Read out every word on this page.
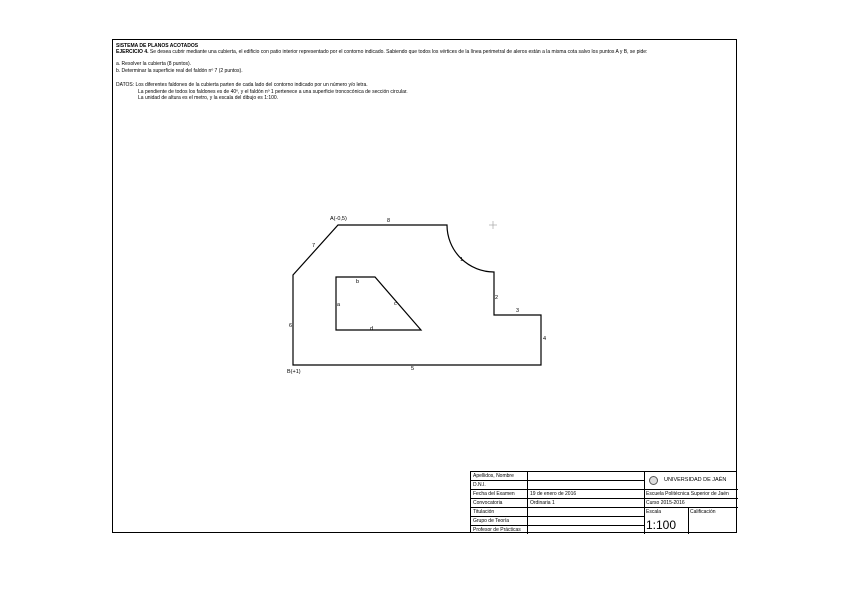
SISTEMA DE PLANOS ACOTADOS
EJERCICIO 4. Se desea cubrir mediante una cubierta, el edificio con patio interior representado por el contorno indicado. Sabiendo que todos los vértices de la línea perimetral de aleros están a la misma cota salvo los puntos A y B, se pide:
a. Resolver la cubierta (8 puntos).
b. Determinar la superficie real del faldón nº 7 (2 puntos).
DATOS: Los diferentes faldones de la cubierta parten de cada lado del contorno indicado por un número y/o letra.
La pendiente de todos los faldones es de 40º, y el faldón nº 1 pertenece a una superficie troncocónica de sección circular.
La unidad de altura es el metro, y la escala del dibujo es 1:100.
A(-0,5)
B(+1)
1
2
3
4
5
6
7
8
a
b
c
d
Apellidos, Nombre
D.N.I.
Fecha del Examen	19 de enero de 2016
Convocatoria	Ordinaria 1
Titulación
Grupo de Teoría
Profesor de Prácticas
UNIVERSIDAD DE JAÉN
Escuela Politécnica Superior de Jaén
Curso 2015-2016
Escala	Calificación
1:100
